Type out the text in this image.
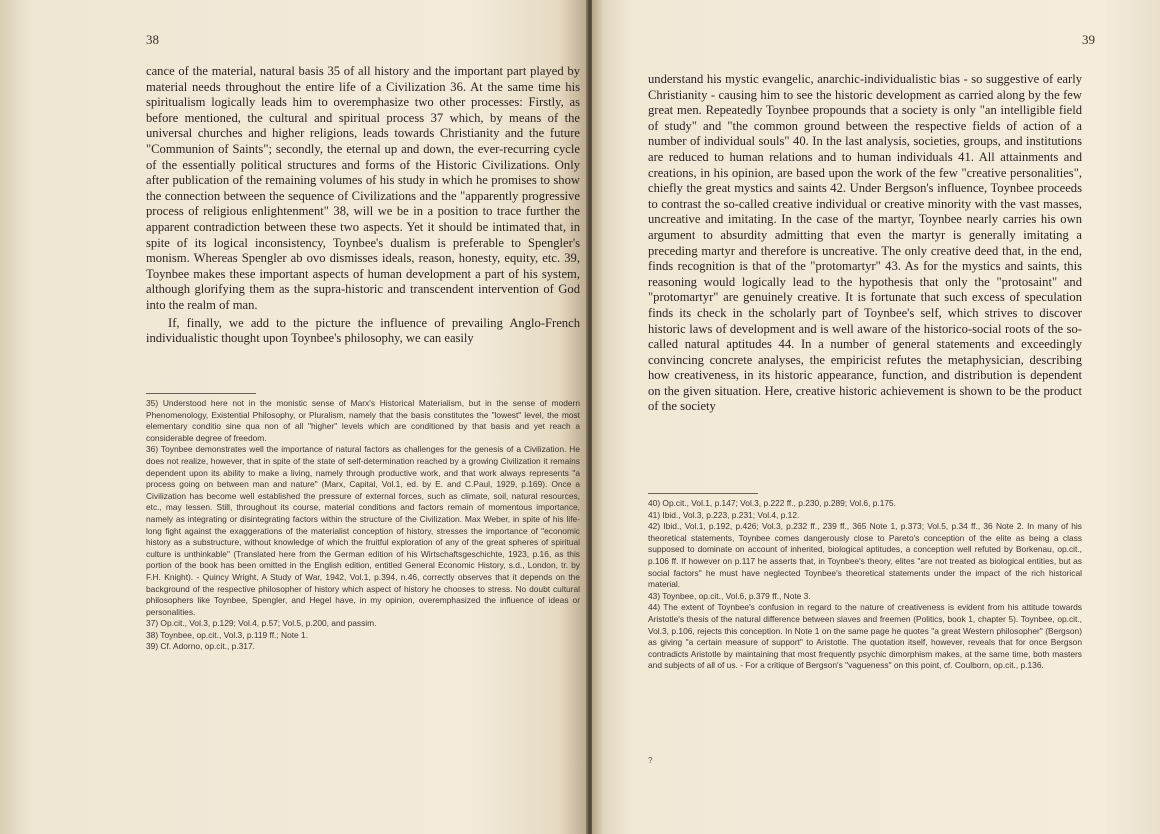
38

cance of the material, natural basis 35 of all history and the important part played by material needs throughout the entire life of a Civilization 36. At the same time his spiritualism logically leads him to overemphasize two other processes: Firstly, as before mentioned, the cultural and spiritual process 37 which, by means of the universal churches and higher religions, leads towards Christianity and the future "Communion of Saints"; secondly, the eternal up and down, the ever-recurring cycle of the essentially political structures and forms of the Historic Civilizations. Only after publication of the remaining volumes of his study in which he promises to show the connection between the sequence of Civilizations and the "apparently progressive process of religious enlightenment" 38, will we be in a position to trace further the apparent contradiction between these two aspects. Yet it should be intimated that, in spite of its logical inconsistency, Toynbee's dualism is preferable to Spengler's monism. Whereas Spengler ab ovo dismisses ideals, reason, honesty, equity, etc. 39, Toynbee makes these important aspects of human development a part of his system, although glorifying them as the supra-historic and transcendent intervention of God into the realm of man.

If, finally, we add to the picture the influence of prevailing Anglo-French individualistic thought upon Toynbee's philosophy, we can easily

35) Understood here not in the monistic sense of Marx's Historical Materialism, but in the sense of modern Phenomenology, Existential Philosophy, or Pluralism, namely that the basis constitutes the "lowest" level, the most elementary conditio sine qua non of all "higher" levels which are conditioned by that basis and yet reach a considerable degree of freedom.

36) Toynbee demonstrates well the importance of natural factors as challenges for the genesis of a Civilization. He does not realize, however, that in spite of the state of self-determination reached by a growing Civilization it remains dependent upon its ability to make a living, namely through productive work, and that work always represents "a process going on between man and nature" (Marx, Capital, Vol.1, ed. by E. and C.Paul, 1929, p.169). Once a Civilization has become well established the pressure of external forces, such as climate, soil, natural resources, etc., may lessen. Still, throughout its course, material conditions and factors remain of momentous importance, namely as integrating or disintegrating factors within the structure of the Civilization. Max Weber, in spite of his life-long fight against the exaggerations of the materialist conception of history, stresses the importance of "economic history as a substructure, without knowledge of which the fruitful exploration of any of the great spheres of spiritual culture is unthinkable" (Translated here from the German edition of his Wirtschaftsgeschichte, 1923, p.16, as this portion of the book has been omitted in the English edition, entitled General Economic History, s.d., London, tr. by F.H. Knight). - Quincy Wright, A Study of War, 1942, Vol.1, p.394, n.46, correctly observes that it depends on the background of the respective philosopher of history which aspect of history he chooses to stress. No doubt cultural philosophers like Toynbee, Spengler, and Hegel have, in my opinion, overemphasized the influence of ideas or personalities.

37) Op.cit., Vol.3, p.129; Vol.4, p.57; Vol.5, p.200, and passim.

38) Toynbee, op.cit., Vol.3, p.119 ff.; Note 1.

39) Cf. Adorno, op.cit., p.317.

39

understand his mystic evangelic, anarchic-individualistic bias - so suggestive of early Christianity - causing him to see the historic development as carried along by the few great men. Repeatedly Toynbee propounds that a society is only "an intelligible field of study" and "the common ground between the respective fields of action of a number of individual souls" 40. In the last analysis, societies, groups, and institutions are reduced to human relations and to human individuals 41. All attainments and creations, in his opinion, are based upon the work of the few "creative personalities", chiefly the great mystics and saints 42. Under Bergson's influence, Toynbee proceeds to contrast the so-called creative individual or creative minority with the vast masses, uncreative and imitating. In the case of the martyr, Toynbee nearly carries his own argument to absurdity admitting that even the martyr is generally imitating a preceding martyr and therefore is uncreative. The only creative deed that, in the end, finds recognition is that of the "protomartyr" 43. As for the mystics and saints, this reasoning would logically lead to the hypothesis that only the "protosaint" and "protomartyr" are genuinely creative. It is fortunate that such excess of speculation finds its check in the scholarly part of Toynbee's self, which strives to discover historic laws of development and is well aware of the historico-social roots of the so-called natural aptitudes 44. In a number of general statements and exceedingly convincing concrete analyses, the empiricist refutes the metaphysician, describing how creativeness, in its historic appearance, function, and distribution is dependent on the given situation. Here, creative historic achievement is shown to be the product of the society

40) Op.cit., Vol.1, p.147; Vol.3, p.222 ff., p.230, p.289; Vol.6, p.175.

41) Ibid., Vol.3, p.223, p.231; Vol.4, p.12.

42) Ibid., Vol.1, p.192, p.426; Vol.3, p.232 ff., 239 ff., 365 Note 1, p.373; Vol.5, p.34 ff., 36 Note 2. In many of his theoretical statements, Toynbee comes dangerously close to Pareto's conception of the elite as being a class supposed to dominate on account of inherited, biological aptitudes, a conception well refuted by Borkenau, op.cit., p.106 ff. If however on p.117 he asserts that, in Toynbee's theory, elites "are not treated as biological entities, but as social factors" he must have neglected Toynbee's theoretical statements under the impact of the rich historical material.

43) Toynbee, op.cit., Vol.6, p.379 ff., Note 3.

44) The extent of Toynbee's confusion in regard to the nature of creativeness is evident from his attitude towards Aristotle's thesis of the natural difference between slaves and freemen (Politics, book 1, chapter 5). Toynbee, op.cit., Vol.3, p.106, rejects this conception. In Note 1 on the same page he quotes "a great Western philosopher" (Bergson) as giving "a certain measure of support" to Aristotle. The quotation itself, however, reveals that for once Bergson contradicts Aristotle by maintaining that most frequently psychic dimorphism makes, at the same time, both masters and subjects of all of us. - For a critique of Bergson's "vagueness" on this point, cf. Coulborn, op.cit., p.136.

?
